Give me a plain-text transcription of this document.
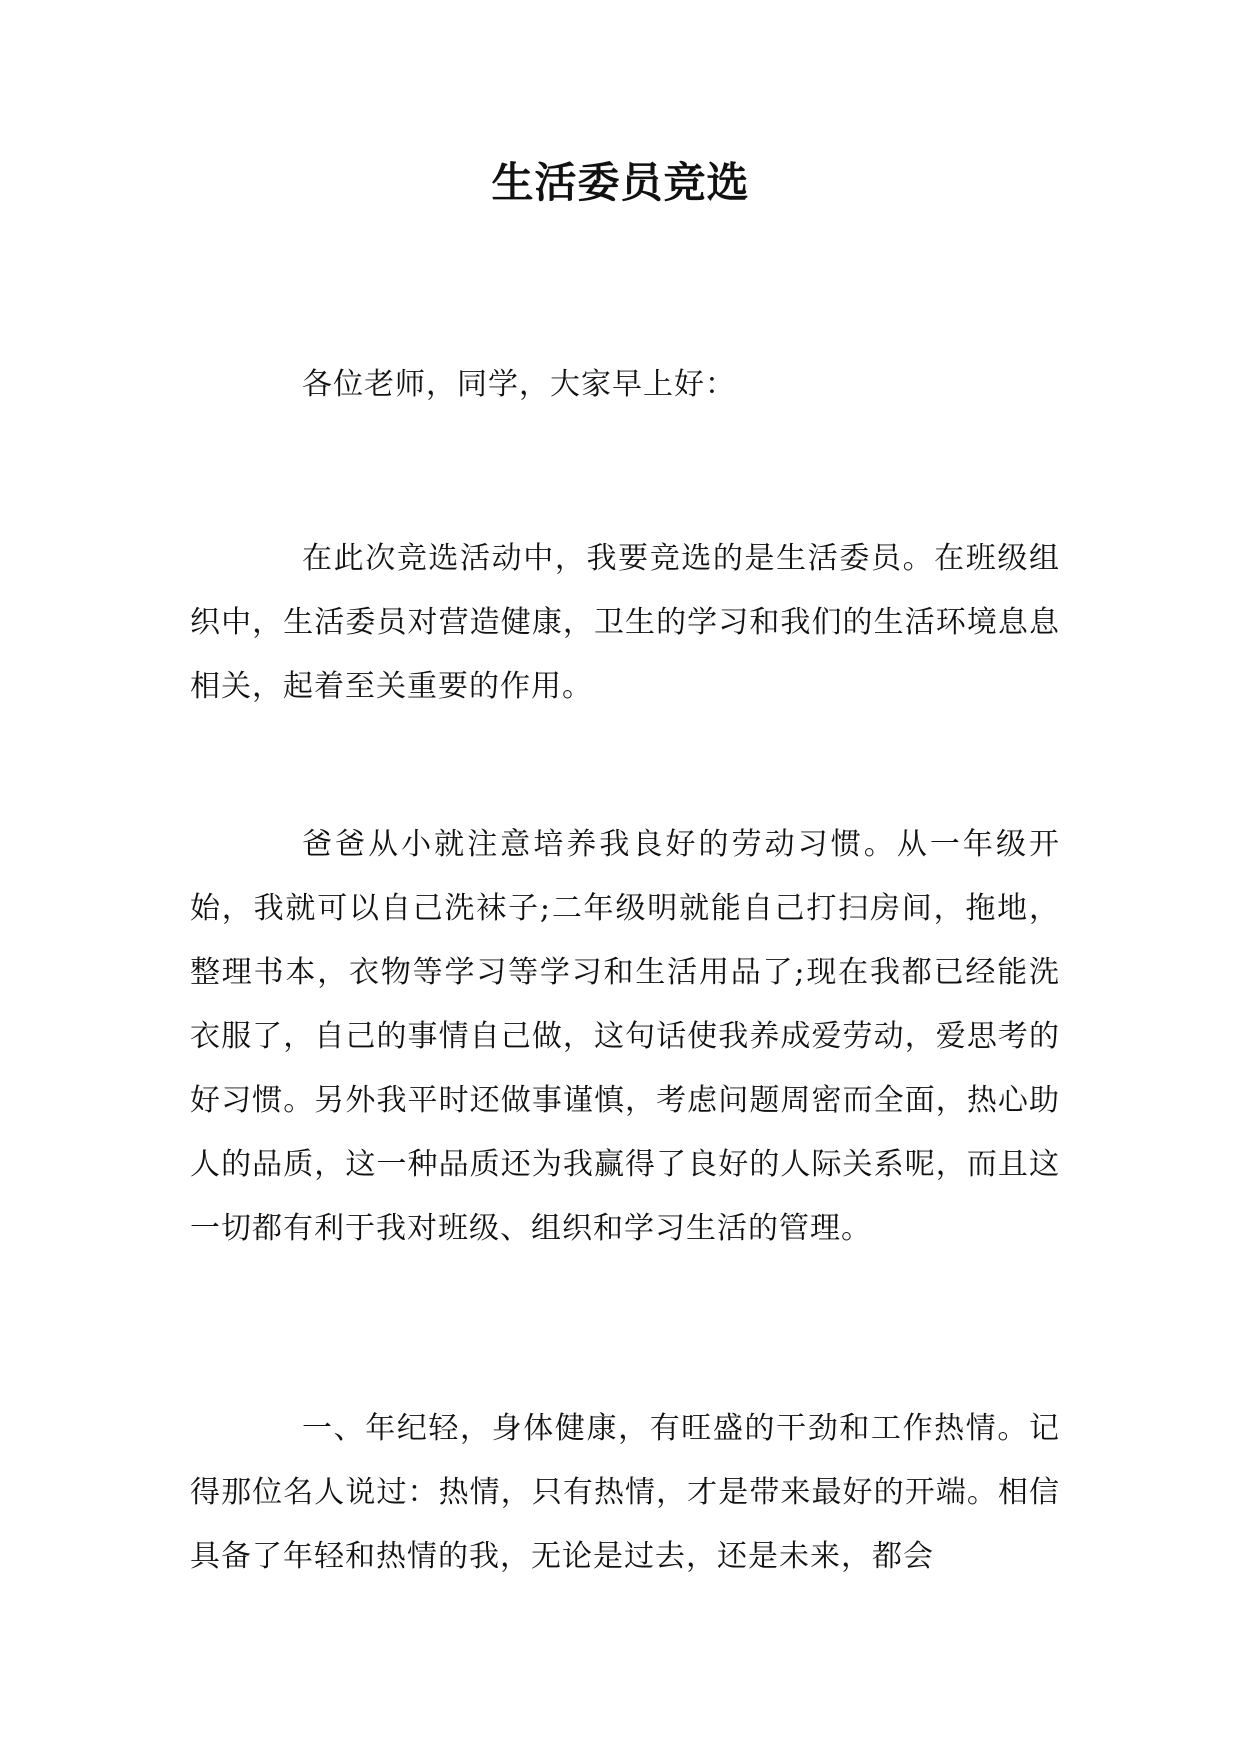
生活委员竞选

各位老师，同学，大家早上好：

在此次竞选活动中，我要竞选的是生活委员。在班级组织中，生活委员对营造健康，卫生的学习和我们的生活环境息息相关，起着至关重要的作用。

爸爸从小就注意培养我良好的劳动习惯。从一年级开始，我就可以自己洗袜子;二年级明就能自己打扫房间，拖地，整理书本，衣物等学习等学习和生活用品了;现在我都已经能洗衣服了，自己的事情自己做，这句话使我养成爱劳动，爱思考的好习惯。另外我平时还做事谨慎，考虑问题周密而全面，热心助人的品质，这一种品质还为我赢得了良好的人际关系呢，而且这一切都有利于我对班级、组织和学习生活的管理。

一、年纪轻，身体健康，有旺盛的干劲和工作热情。记得那位名人说过：热情，只有热情，才是带来最好的开端。相信具备了年轻和热情的我，无论是过去，还是未来，都会
